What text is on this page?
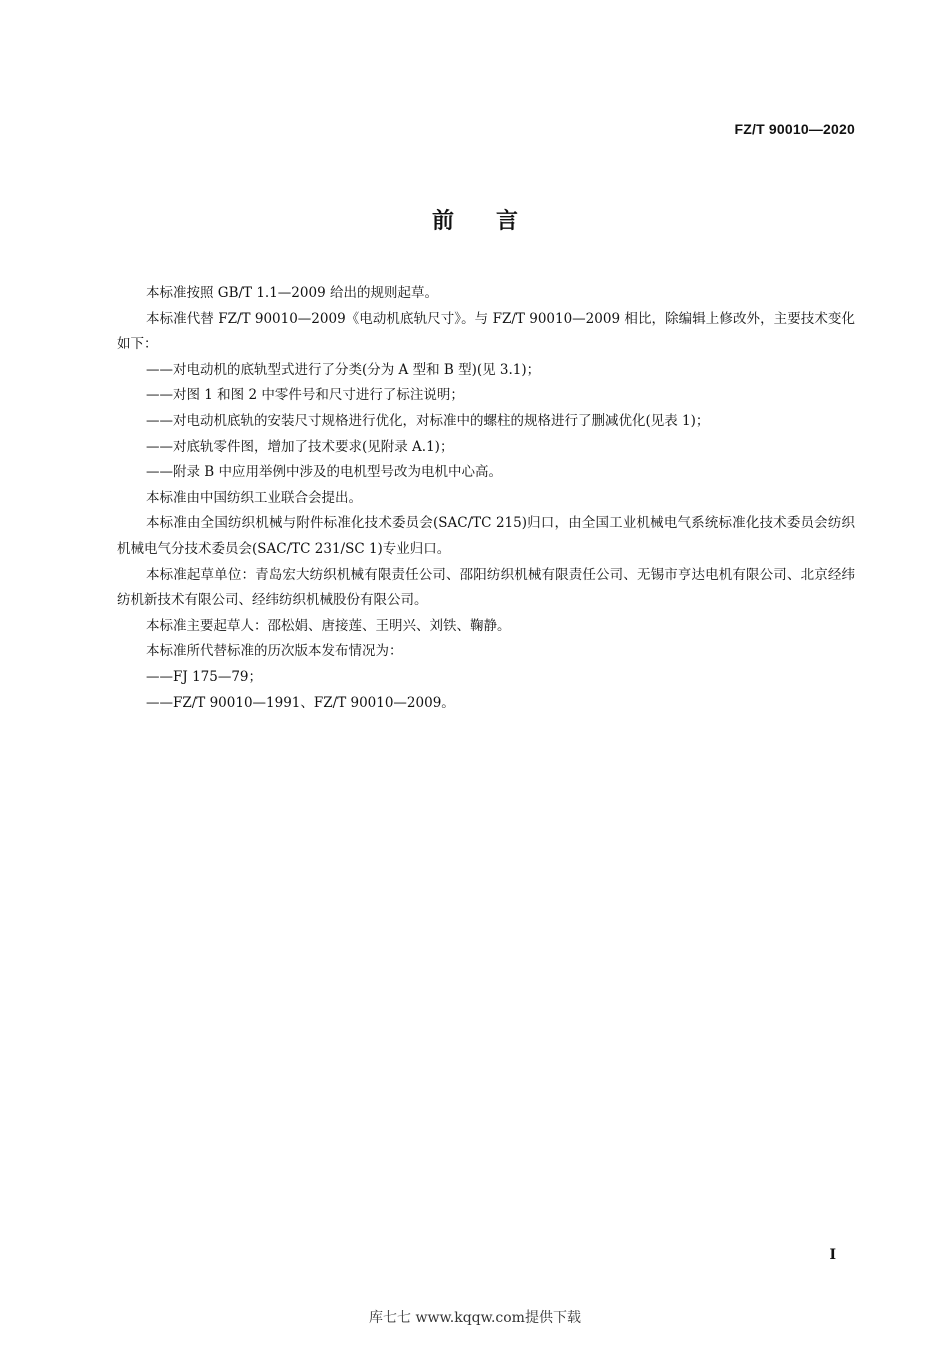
FZ/T 90010—2020
前言

本标准按照 GB/T 1.1—2009 给出的规则起草。

本标准代替 FZ/T 90010—2009《电动机底轨尺寸》。与 FZ/T 90010—2009 相比，除编辑上修改外，主要技术变化如下：

——对电动机的底轨型式进行了分类(分为 A 型和 B 型)(见 3.1)；

——对图 1 和图 2 中零件号和尺寸进行了标注说明；

——对电动机底轨的安装尺寸规格进行优化，对标准中的螺柱的规格进行了删减优化(见表 1)；

——对底轨零件图，增加了技术要求(见附录 A.1)；

——附录 B 中应用举例中涉及的电机型号改为电机中心高。

本标准由中国纺织工业联合会提出。

本标准由全国纺织机械与附件标准化技术委员会(SAC/TC 215)归口，由全国工业机械电气系统标准化技术委员会纺织机械电气分技术委员会(SAC/TC 231/SC 1)专业归口。

本标准起草单位：青岛宏大纺织机械有限责任公司、邵阳纺织机械有限责任公司、无锡市亨达电机有限公司、北京经纬纺机新技术有限公司、经纬纺织机械股份有限公司。

本标准主要起草人：邵松娟、唐接莲、王明兴、刘铁、鞠静。

本标准所代替标准的历次版本发布情况为：

——FJ 175—79；

——FZ/T 90010—1991、FZ/T 90010—2009。

I
库七七 www.kqqw.com提供下载
